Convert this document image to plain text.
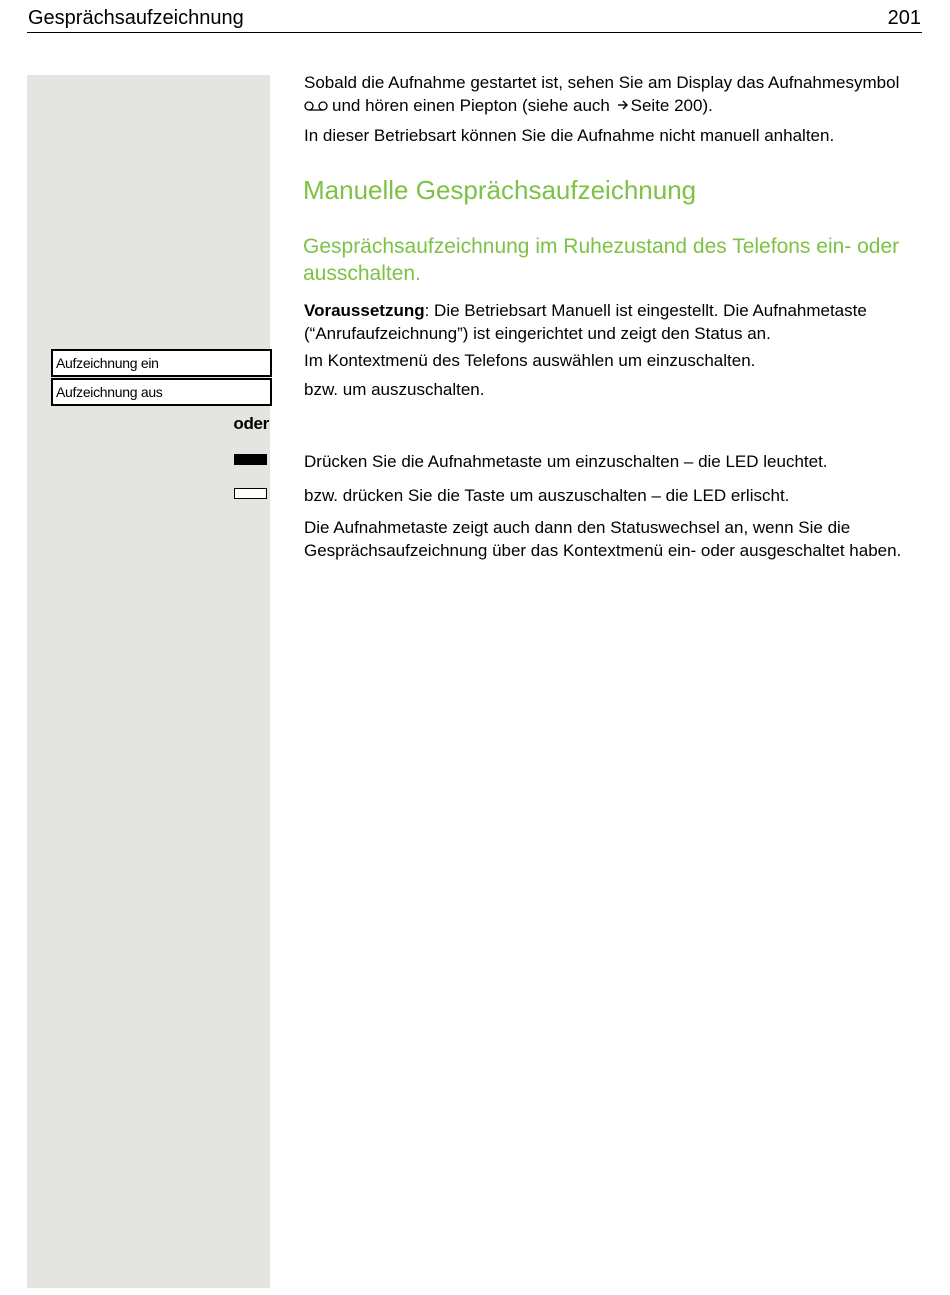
Gesprächsaufzeichnung	201
Aufzeichnung ein
Aufzeichnung aus
oder
Sobald die Aufnahme gestartet ist, sehen Sie am Display das Aufnahmesymbol
und hören einen Piepton (siehe auch Seite 200).
In dieser Betriebsart können Sie die Aufnahme nicht manuell anhalten.
Manuelle Gesprächsaufzeichnung
Gesprächsaufzeichnung im Ruhezustand des Telefons ein- oder ausschalten.
Voraussetzung: Die Betriebsart Manuell ist eingestellt. Die Aufnahmetaste (“Anrufaufzeichnung”) ist eingerichtet und zeigt den Status an.
Im Kontextmenü des Telefons auswählen um einzuschalten.
bzw. um auszuschalten.
Drücken Sie die Aufnahmetaste um einzuschalten – die LED leuchtet.
bzw. drücken Sie die Taste um auszuschalten – die LED erlischt.
Die Aufnahmetaste zeigt auch dann den Statuswechsel an, wenn Sie die Gesprächsaufzeichnung über das Kontextmenü ein- oder ausgeschaltet haben.
